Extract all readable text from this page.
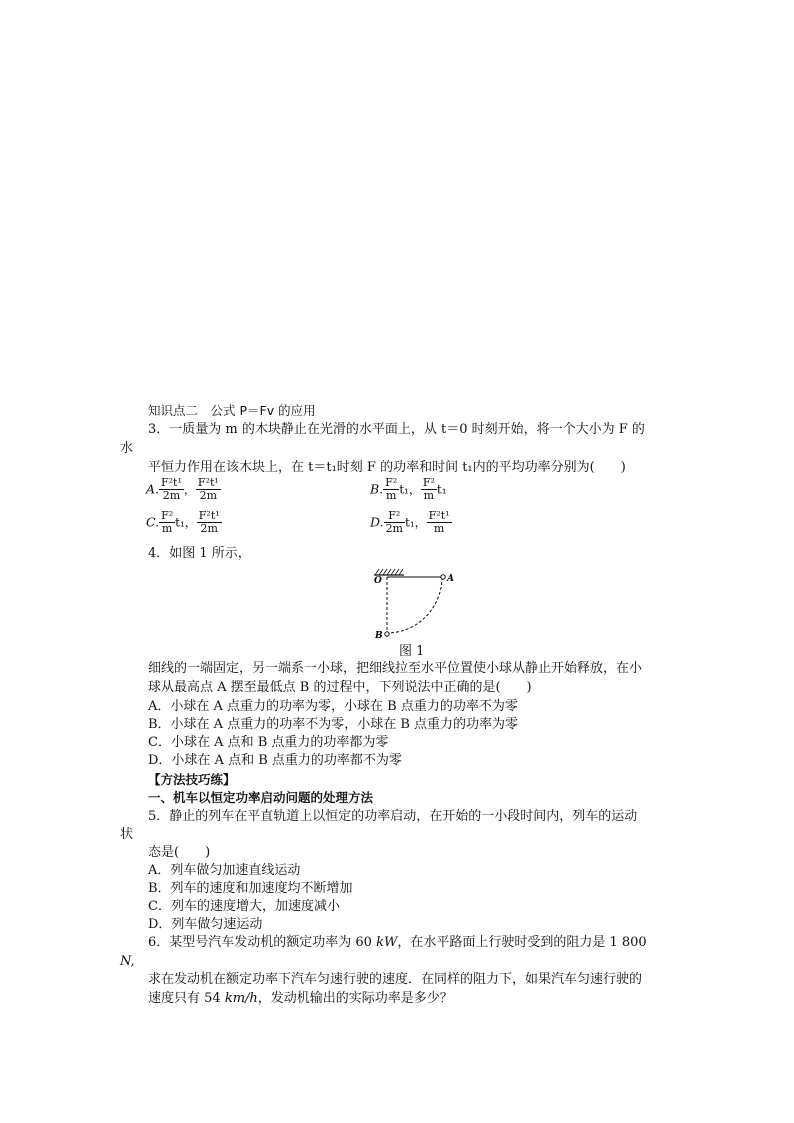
知识点二　公式 P＝Fv 的应用
3．一质量为 m 的木块静止在光滑的水平面上，从 t＝0 时刻开始，将一个大小为 F 的
水
平恒力作用在该木块上，在 t＝t₁时刻 F 的功率和时间 t₁内的平均功率分别为(　　)
A. $\frac{\text{F²t¹}}{2m}$ ， $\frac{\text{F²t¹}}{2m}$	B. $\frac{\text{F²}}{m} t_1$， $\frac{\text{F²}}{m} t_1$
C. $\frac{\text{F²}}{m} t_1$， $\frac{\text{F²t¹}}{2m}$	D. $\frac{\text{F²}}{2m} t_1$， $\frac{\text{F²t¹}}{m}$
4．如图 1 所示，
O	A
B
图 1
细线的一端固定，另一端系一小球，把细线拉至水平位置使小球从静止开始释放，在小
球从最高点 A 摆至最低点 B 的过程中，下列说法中正确的是(　　)
A．小球在 A 点重力的功率为零，小球在 B 点重力的功率不为零
B．小球在 A 点重力的功率不为零，小球在 B 点重力的功率为零
C．小球在 A 点和 B 点重力的功率都为零
D．小球在 A 点和 B 点重力的功率都不为零
【方法技巧练】
一、机车以恒定功率启动问题的处理方法
5．静止的列车在平直轨道上以恒定的功率启动，在开始的一小段时间内，列车的运动
状
态是(　　)
A．列车做匀加速直线运动
B．列车的速度和加速度均不断增加
C．列车的速度增大，加速度减小
D．列车做匀速运动
6．某型号汽车发动机的额定功率为 60 kW，在水平路面上行驶时受到的阻力是 1 800
N,
求在发动机在额定功率下汽车匀速行驶的速度．在同样的阻力下，如果汽车匀速行驶的
速度只有 54 km/h，发动机输出的实际功率是多少？
